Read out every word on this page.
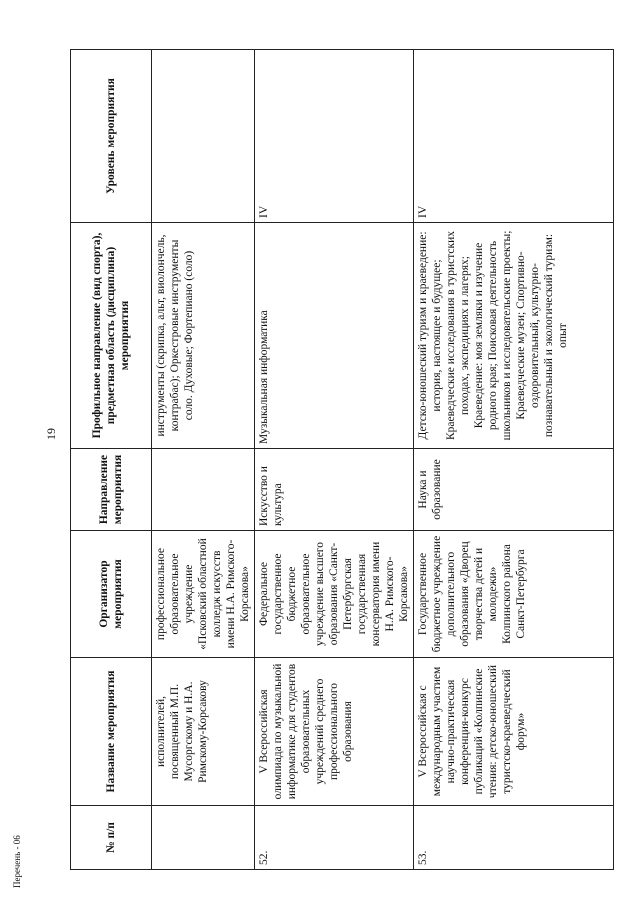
19
№ п/п	Название мероприятия	Организатор мероприятия	Направление мероприятия	Профильное направление (вид спорта), предметная область (дисциплина) мероприятия	Уровень мероприятия
	исполнителей, посвященный М.П. Мусоргскому и Н.А. Римскому-Корсакову	профессиональное образовательное учреждение «Псковский областной колледж искусств имени Н.А. Римского-Корсакова»		инструменты (скрипка, альт, виолончель, контрабас); Оркестровые инструменты соло. Духовые; Фортепиано (соло)	
52.	V Всероссийская олимпиада по музыкальной информатике для студентов образовательных учреждений среднего профессионального образования	Федеральное государственное бюджетное образовательное учреждение высшего образования «Санкт-Петербургская государственная консерватория имени Н.А. Римского-Корсакова»	Искусство и культура	Музыкальная информатика	IV
53.	V Всероссийская с международным участием научно-практическая конференция-конкурс публикаций «Колпинские чтения: детско-юношеский туристско-краеведческий форум»	Государственное бюджетное учреждение дополнительного образования «Дворец творчества детей и молодежи» Колпинского района Санкт-Петербурга	Наука и образование	Детско-юношеский туризм и краеведение: история, настоящее и будущее; Краеведческие исследования в туристских походах, экспедициях и лагерях; Краеведение: моя земляки и изучение родного края; Поисковая деятельность школьников и исследовательские проекты; Краеведческие музеи; Спортивно-оздоровительный, культурно-познавательный и экологический туризм: опыт	IV
Перечень - 06
